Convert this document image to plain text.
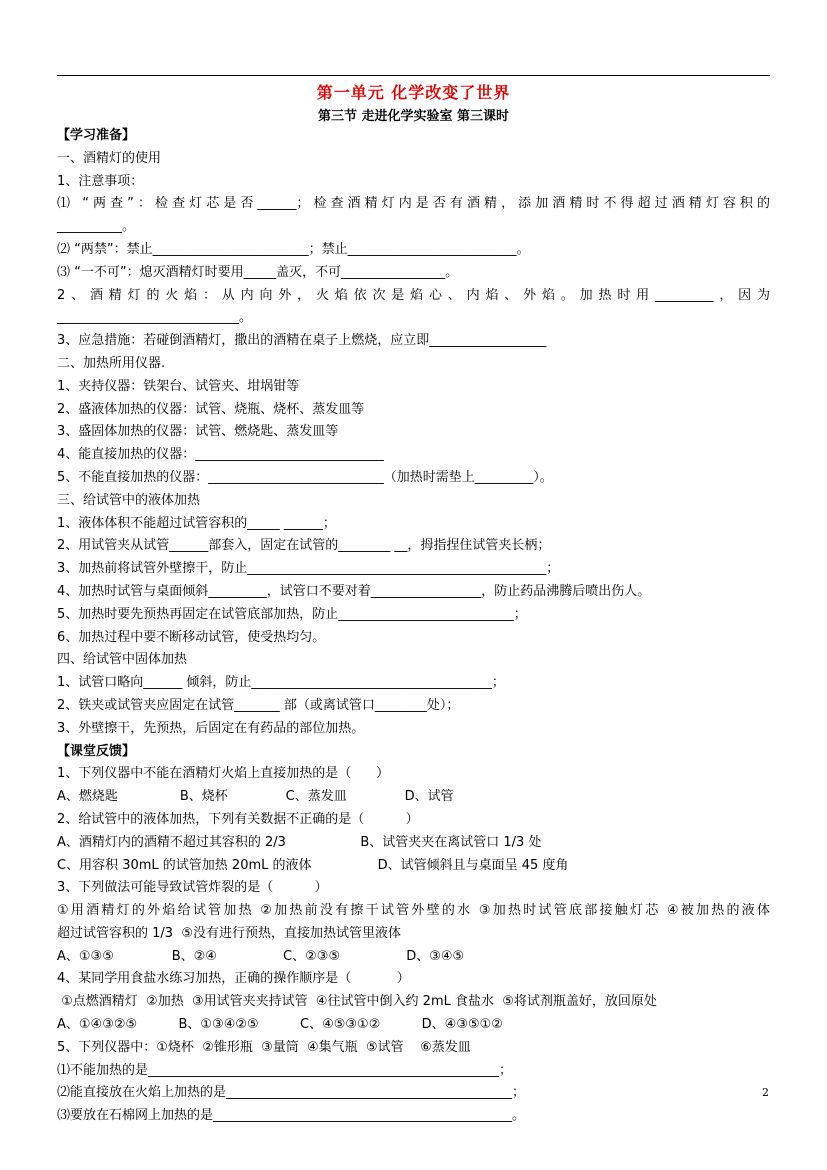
第一单元 化学改变了世界
第三节 走进化学实验室 第三课时
【学习准备】
一、酒精灯的使用
1、注意事项：
⑴ “两查”：检查灯芯是否______；检查酒精灯内是否有酒精，添加酒精时不得超过酒精灯容积的
__________。
⑵ “两禁”：禁止________________________；禁止__________________________。
⑶ “一不可”：熄灭酒精灯时要用_____盖灭，不可________________。
2、酒精灯的火焰：从内向外，火焰依次是焰心、内焰、外焰。加热时用_________，因为
____________________________。
3、应急措施：若碰倒酒精灯，撒出的酒精在桌子上燃烧，应立即__________________
二、加热所用仪器.
1、夹持仪器：铁架台、试管夹、坩埚钳等
2、盛液体加热的仪器：试管、烧瓶、烧杯、蒸发皿等
3、盛固体加热的仪器：试管、燃烧匙、蒸发皿等
4、能直接加热的仪器：_____________________________
5、不能直接加热的仪器：___________________________（加热时需垫上_________）。
三、给试管中的液体加热
1、液体体积不能超过试管容积的_____ ______；
2、用试管夹从试管______部套入，固定在试管的________ __，拇指捏住试管夹长柄；
3、加热前将试管外壁擦干，防止______________________________________________；
4、加热时试管与桌面倾斜_________，试管口不要对着_________________，防止药品沸腾后喷出伤人。
5、加热时要先预热再固定在试管底部加热，防止___________________________；
6、加热过程中要不断移动试管，使受热均匀。
四、给试管中固体加热
1、试管口略向______ 倾斜，防止_____________________________________；
2、铁夹或试管夹应固定在试管_______ 部（或离试管口________处）；
3、外壁擦干，先预热，后固定在有药品的部位加热。
【课堂反馈】
1、下列仪器中不能在酒精灯火焰上直接加热的是（      ）
A、燃烧匙               B、烧杯              C、蒸发皿              D、试管
2、给试管中的液体加热，下列有关数据不正确的是（          ）
A、酒精灯内的酒精不超过其容积的 2/3                  B、试管夹夹在离试管口 1/3 处
C、用容积 30mL 的试管加热 20mL 的液体                D、试管倾斜且与桌面呈 45 度角
3、下列做法可能导致试管炸裂的是（          ）
①用酒精灯的外焰给试管加热 ②加热前没有擦干试管外壁的水 ③加热时试管底部接触灯芯 ④被加热的液体
超过试管容积的 1/3  ⑤没有进行预热，直接加热试管里液体
A、①③⑤              B、②④                C、②③⑤                D、③④⑤
4、某同学用食盐水练习加热，正确的操作顺序是（           ）
①点燃酒精灯  ②加热  ③用试管夹夹持试管  ④往试管中倒入约 2mL 食盐水  ⑤将试剂瓶盖好，放回原处
A、①④③②⑤          B、①③④②⑤          C、④⑤③①②          D、④③⑤①②
5、下列仪器中：①烧杯  ②锥形瓶  ③量筒  ④集气瓶  ⑤试管    ⑥蒸发皿
⑴不能加热的是______________________________________________________；
⑵能直接放在火焰上加热的是____________________________________________；
⑶要放在石棉网上加热的是______________________________________________。
2
